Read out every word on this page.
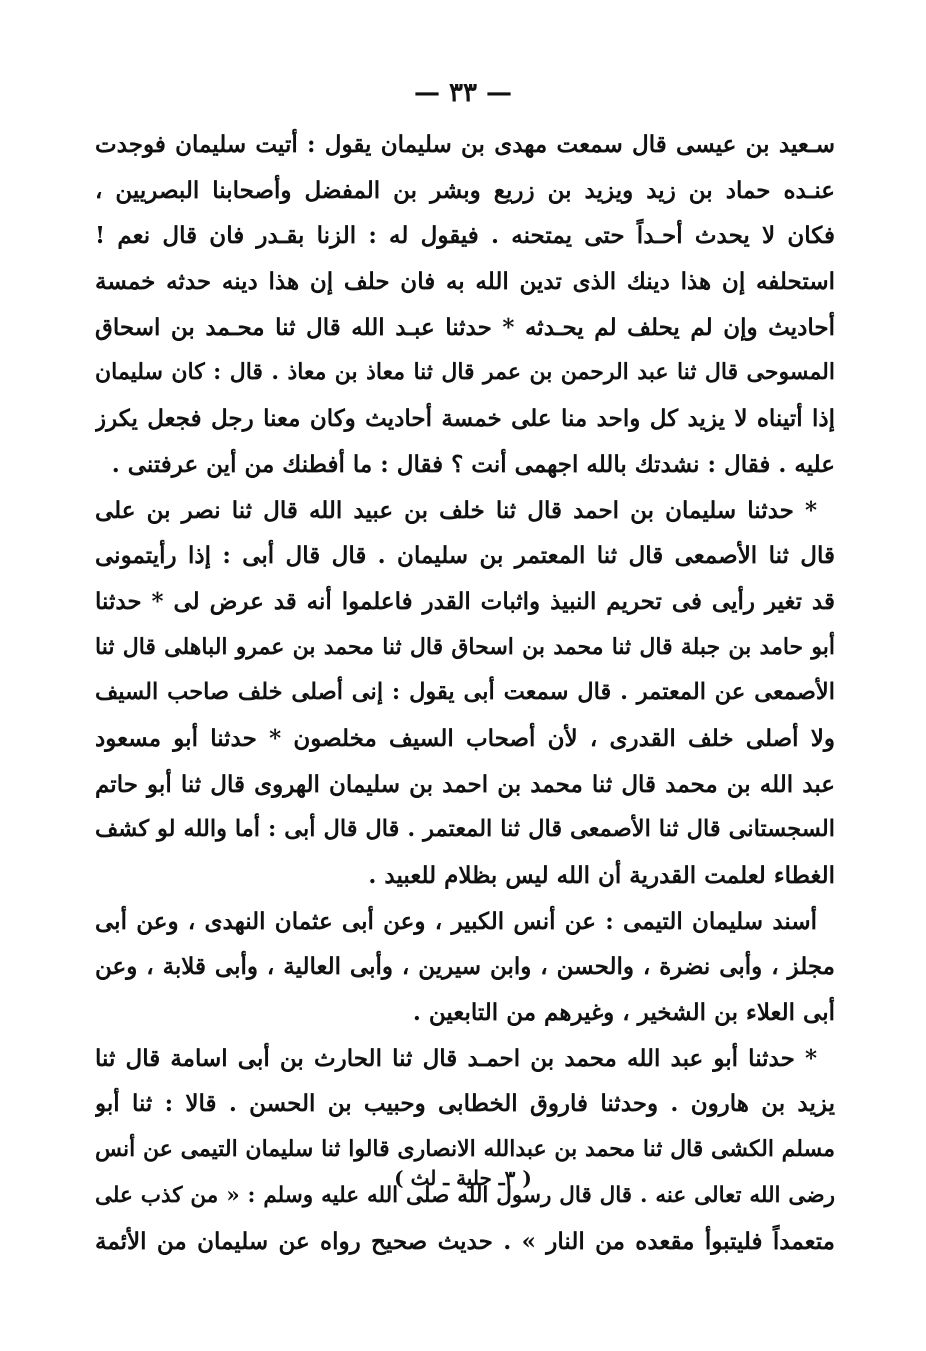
— ٣٣ —
سـعيد بن عيسى قال سمعت مهدى بن سليمان يقول : أتيت سليمان فوجدت
عنـده حماد بن زيد ويزيد بن زريع وبشر بن المفضل وأصحابنا البصريين ،
فكان لا يحدث أحـداً حتى يمتحنه . فيقول له : الزنا بقـدر فان قال نعم !
استحلفه إن هذا دينك الذى تدين الله به فان حلف إن هذا دينه حدثه خمسة
أحاديث وإن لم يحلف لم يحـدثه * حدثنا عبـد الله قال ثنا محـمد بن اسحاق
المسوحى قال ثنا عبد الرحمن بن عمر قال ثنا معاذ بن معاذ . قال : كان سليمان
إذا أتيناه لا يزيد كل واحد منا على خمسة أحاديث وكان معنا رجل فجعل يكرز
عليه . فقال : نشدتك بالله اجهمى أنت ؟ فقال : ما أفطنك من أين عرفتنى .
* حدثنا سليمان بن احمد قال ثنا خلف بن عبيد الله قال ثنا نصر بن على
قال ثنا الأصمعى قال ثنا المعتمر بن سليمان . قال قال أبى : إذا رأيتمونى
قد تغير رأيى فى تحريم النبيذ واثبات القدر فاعلموا أنه قد عرض لى * حدثنا
أبو حامد بن جبلة قال ثنا محمد بن اسحاق قال ثنا محمد بن عمرو الباهلى قال ثنا
الأصمعى عن المعتمر . قال سمعت أبى يقول : إنى أصلى خلف صاحب السيف
ولا أصلى خلف القدرى ، لأن أصحاب السيف مخلصون * حدثنا أبو مسعود
عبد الله بن محمد قال ثنا محمد بن احمد بن سليمان الهروى قال ثنا أبو حاتم
السجستانى قال ثنا الأصمعى قال ثنا المعتمر . قال قال أبى : أما والله لو كشف
الغطاء لعلمت القدرية أن الله ليس بظلام للعبيد .
أسند سليمان التيمى : عن أنس الكبير ، وعن أبى عثمان النهدى ، وعن أبى
مجلز ، وأبى نضرة ، والحسن ، وابن سيرين ، وأبى العالية ، وأبى قلابة ، وعن
أبى العلاء بن الشخير ، وغيرهم من التابعين .
* حدثنا أبو عبد الله محمد بن احمـد قال ثنا الحارث بن أبى اسامة قال ثنا
يزيد بن هارون . وحدثنا فاروق الخطابى وحبيب بن الحسن . قالا : ثنا أبو
مسلم الكشى قال ثنا محمد بن عبدالله الانصارى قالوا ثنا سليمان التيمى عن أنس
رضى الله تعالى عنه . قال قال رسول الله صلى الله عليه وسلم : « من كذب على
متعمداً فليتبوأ مقعده من النار » . حديث صحيح رواه عن سليمان من الأئمة
( ٣ـ حلية ـ لث )
